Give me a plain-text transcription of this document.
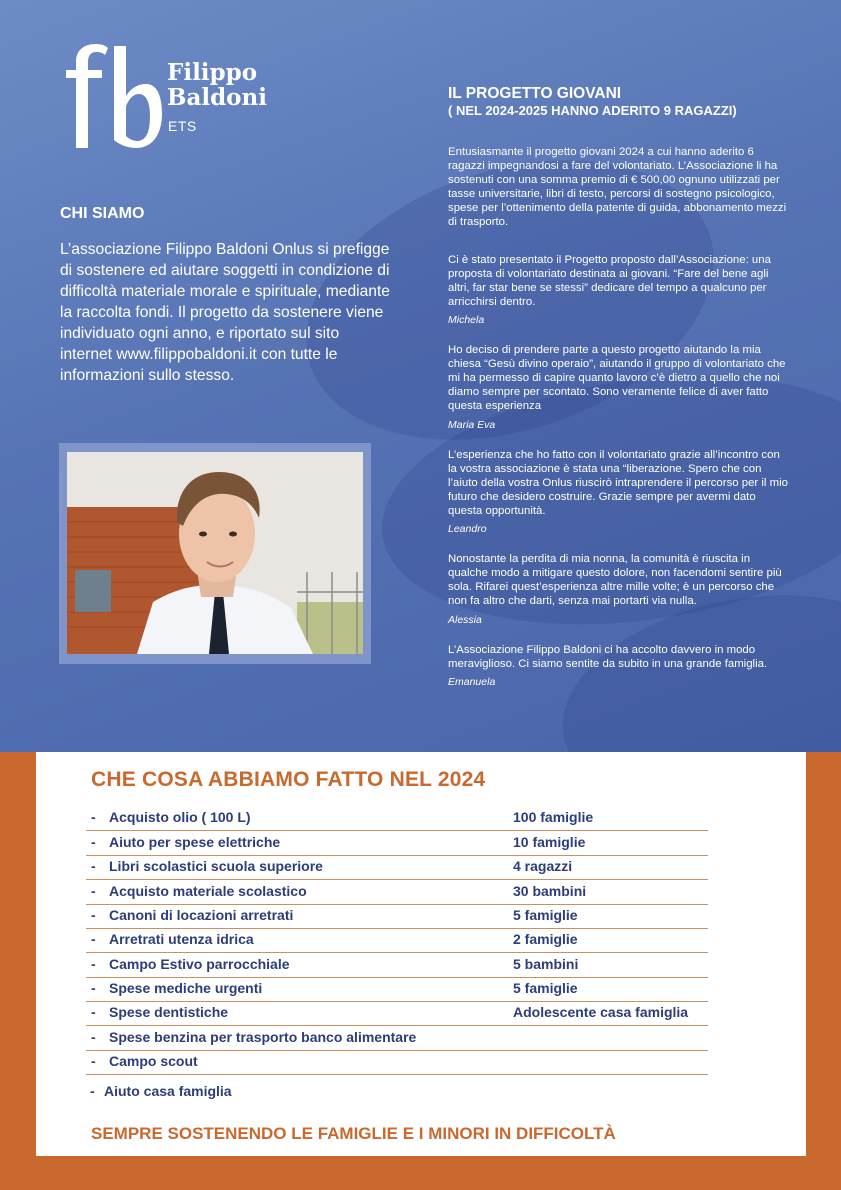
Filippo
Baldoni
ETS
CHI SIAMO

L’associazione Filippo Baldoni Onlus si prefigge di sostenere ed aiutare soggetti in condizione di difficoltà materiale morale e spirituale, mediante la raccolta fondi. Il progetto da sostenere viene individuato ogni anno, e riportato sul sito internet www.filippobaldoni.it con tutte le informazioni sullo stesso.

IL PROGETTO GIOVANI
( NEL 2024-2025 HANNO ADERITO 9 RAGAZZI)

Entusiasmante il progetto giovani 2024 a cui hanno aderito 6 ragazzi impegnandosi a fare del volontariato. L’Associazione li ha sostenuti con una somma premio di € 500,00 ognuno utilizzati per tasse universitarie, libri di testo, percorsi di sostegno psicologico, spese per l’ottenimento della patente di guida, abbonamento mezzi di trasporto.

Ci è stato presentato il Progetto proposto dall’Associazione: una proposta di volontariato destinata ai giovani. “Fare del bene agli altri, far star bene se stessi” dedicare del tempo a qualcuno per arricchirsi dentro.

Michela

Ho deciso di prendere parte a questo progetto aiutando la mia chiesa “Gesù divino operaio”, aiutando il gruppo di volontariato che mi ha permesso di capire quanto lavoro c’è dietro a quello che noi diamo sempre per scontato. Sono veramente felice di aver fatto questa esperienza

Maria Eva

L’esperienza che ho fatto con il volontariato grazie all’incontro con la vostra associazione è stata una “liberazione. Spero che con l’aiuto della vostra Onlus riuscirò intraprendere il percorso per il mio futuro che desidero costruire. Grazie sempre per avermi dato questa opportunità.

Leandro

Nonostante la perdita di mia nonna, la comunità è riuscita in qualche modo a mitigare questo dolore, non facendomi sentire più sola. Rifarei quest’esperienza altre mille volte; è un percorso che non fa altro che darti, senza mai portarti via nulla.

Alessia

L’Associazione Filippo Baldoni ci ha accolto davvero in modo meraviglioso. Ci siamo sentite da subito in una grande famiglia.

Emanuela

CHE COSA ABBIAMO FATTO NEL 2024
- Acquisto olio ( 100 L)	100 famiglie
- Aiuto per spese elettriche	10 famiglie
- Libri scolastici scuola superiore	4 ragazzi
- Acquisto materiale scolastico	30 bambini
- Canoni di locazioni arretrati	5 famiglie
- Arretrati utenza idrica	2 famiglie
- Campo Estivo parrocchiale	5 bambini
- Spese mediche urgenti	5 famiglie
- Spese dentistiche	Adolescente casa famiglia
- Spese benzina per trasporto banco alimentare
- Campo scout
- Aiuto casa famiglia
SEMPRE SOSTENENDO LE FAMIGLIE E I MINORI IN DIFFICOLTÀ
